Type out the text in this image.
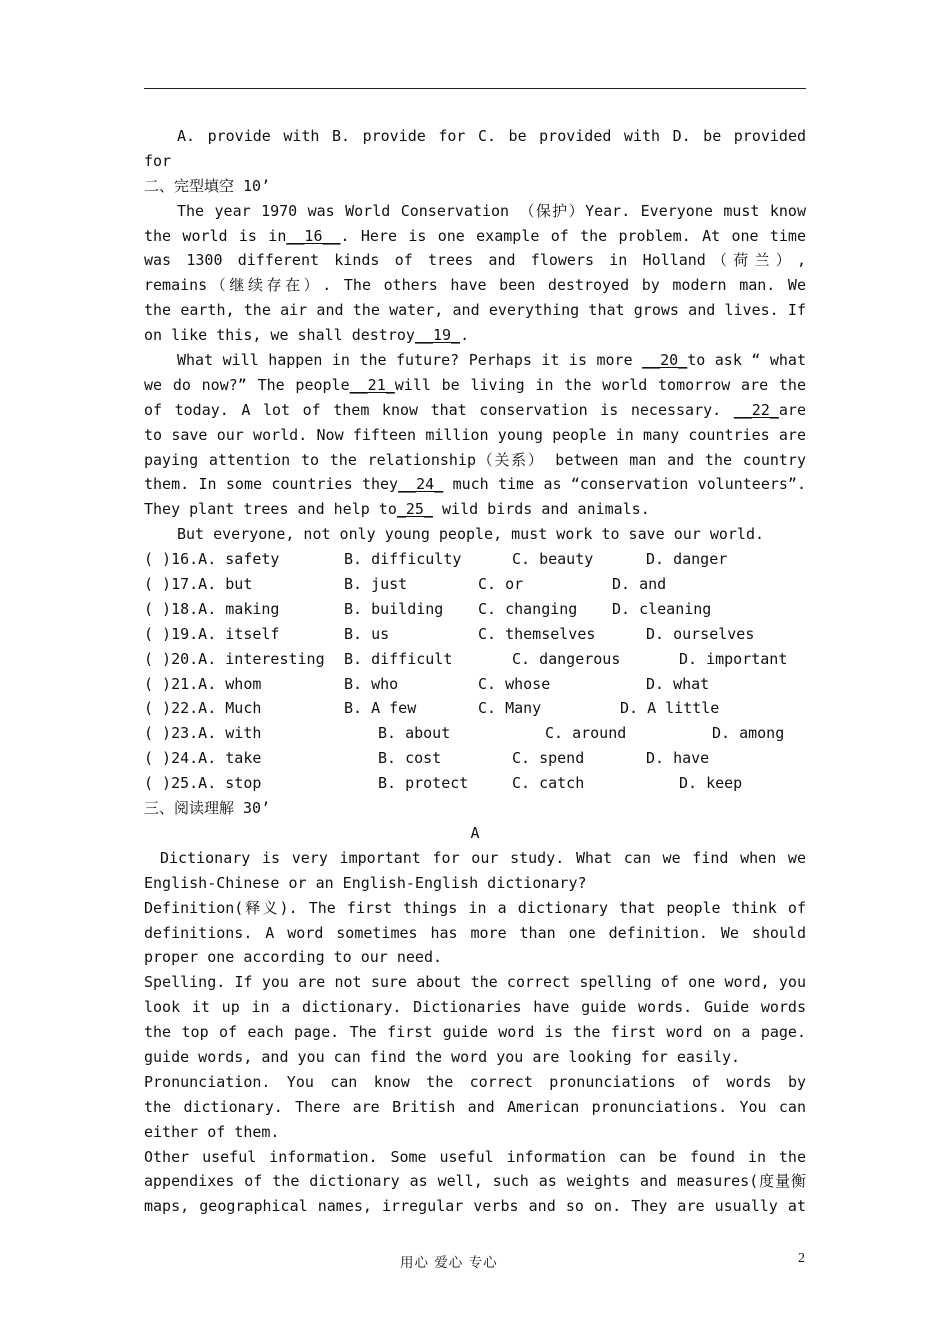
A. provide with B. provide for C. be provided with D. be provided
for
二、完型填空 10’
The year 1970 was World Conservation （保护）Year. Everyone must know
the world is in__16__. Here is one example of the problem. At one time
was 1300 different kinds of trees and flowers in Holland（荷兰）,
remains（继续存在）. The others have been destroyed by modern man. We
the earth, the air and the water, and everything that grows and lives. If
on like this, we shall destroy__19_.
What will happen in the future? Perhaps it is more __20_to ask “ what
we do now?” The people__21_will be living in the world tomorrow are the
of today. A lot of them know that conservation is necessary. __22_are
to save our world. Now fifteen million young people in many countries are
paying attention to the relationship（关系） between man and the country
them. In some countries they__24_ much time as “conservation volunteers”.
They plant trees and help to_25_ wild birds and animals.
But everyone, not only young people, must work to save our world.
( )16.A. safety	B. difficulty	C. beauty	D. danger
( )17.A. but	B. just	C. or	D. and
( )18.A. making	B. building C. changing D. cleaning
( )19.A. itself	B. us	C. themselves	D. ourselves
( )20.A. interesting B. difficult	C. dangerous	D. important
( )21.A. whom	B. who	C. whose	D. what
( )22.A. Much	B. A few	C. Many	D. A little
( )23.A. with	B. about	C. around	D. among
( )24.A. take	B. cost	C. spend	D. have
( )25.A. stop	B. protect	C. catch	D. keep
三、阅读理解 30’
A
Dictionary is very important for our study. What can we find when we
English-Chinese or an English-English dictionary?
Definition(释义). The first things in a dictionary that people think of
definitions. A word sometimes has more than one definition. We should
proper one according to our need.
Spelling. If you are not sure about the correct spelling of one word, you
look it up in a dictionary. Dictionaries have guide words. Guide words
the top of each page. The first guide word is the first word on a page.
guide words, and you can find the word you are looking for easily.
Pronunciation. You can know the correct pronunciations of words by
the dictionary. There are British and American pronunciations. You can
either of them.
Other useful information. Some useful information can be found in the
appendixes of the dictionary as well, such as weights and measures(度量衡
maps, geographical names, irregular verbs and so on. They are usually at
用心 爱心 专心	2
